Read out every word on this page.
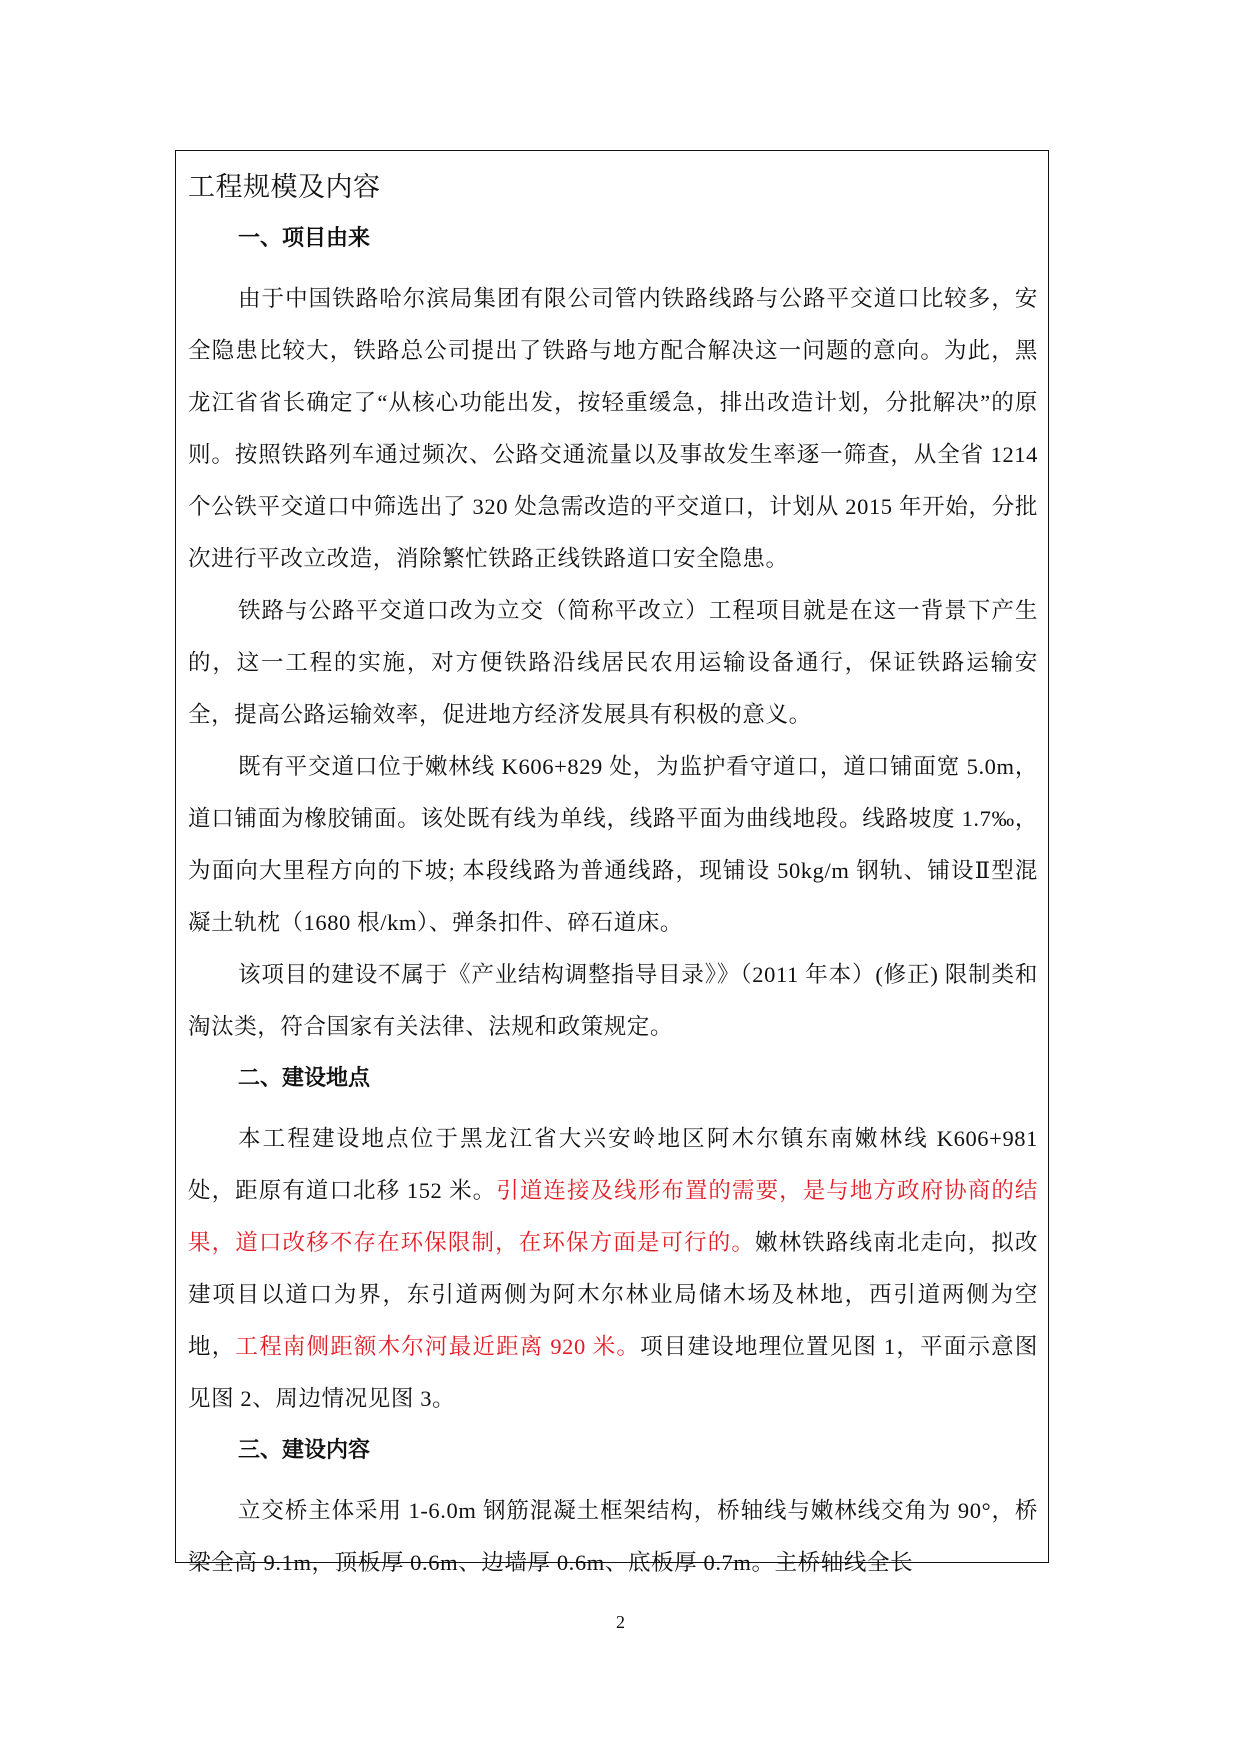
工程规模及内容
一、项目由来

由于中国铁路哈尔滨局集团有限公司管内铁路线路与公路平交道口比较多，安全隐患比较大，铁路总公司提出了铁路与地方配合解决这一问题的意向。为此，黑龙江省省长确定了“从核心功能出发，按轻重缓急，排出改造计划，分批解决”的原则。按照铁路列车通过频次、公路交通流量以及事故发生率逐一筛查，从全省 1214 个公铁平交道口中筛选出了 320 处急需改造的平交道口，计划从 2015 年开始，分批次进行平改立改造，消除繁忙铁路正线铁路道口安全隐患。

铁路与公路平交道口改为立交（简称平改立）工程项目就是在这一背景下产生的，这一工程的实施，对方便铁路沿线居民农用运输设备通行，保证铁路运输安全，提高公路运输效率，促进地方经济发展具有积极的意义。

既有平交道口位于嫩林线 K606+829 处，为监护看守道口，道口铺面宽 5.0m，道口铺面为橡胶铺面。该处既有线为单线，线路平面为曲线地段。线路坡度 1.7‰，为面向大里程方向的下坡; 本段线路为普通线路，现铺设 50kg/m 钢轨、铺设Ⅱ型混凝土轨枕（1680 根/km）、弹条扣件、碎石道床。

该项目的建设不属于《产业结构调整指导目录》》（2011 年本）(修正) 限制类和淘汰类，符合国家有关法律、法规和政策规定。

二、建设地点

本工程建设地点位于黑龙江省大兴安岭地区阿木尔镇东南嫩林线 K606+981 处，距原有道口北移 152 米。引道连接及线形布置的需要，是与地方政府协商的结果，道口改移不存在环保限制，在环保方面是可行的。嫩林铁路线南北走向，拟改建项目以道口为界，东引道两侧为阿木尔林业局储木场及林地，西引道两侧为空地，工程南侧距额木尔河最近距离 920 米。项目建设地理位置见图 1，平面示意图见图 2、周边情况见图 3。

三、建设内容

立交桥主体采用 1-6.0m 钢筋混凝土框架结构，桥轴线与嫩林线交角为 90°，桥梁全高 9.1m，顶板厚 0.6m、边墙厚 0.6m、底板厚 0.7m。主桥轴线全长

2
